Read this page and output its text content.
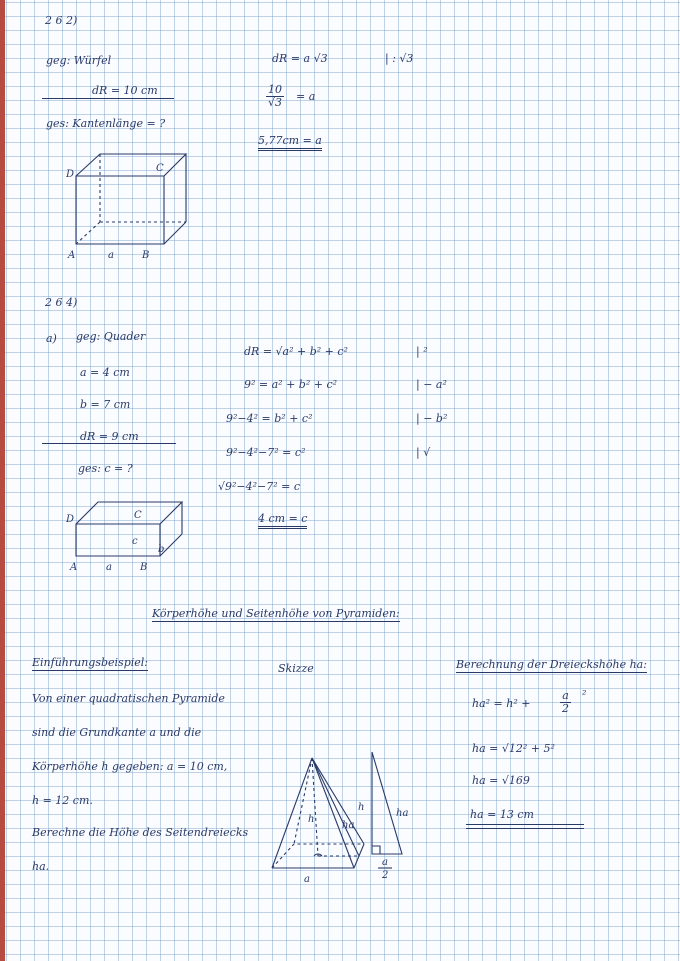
2 6 2)
geg: Würfel
dR = 10 cm
ges: Kantenlänge = ?
D
C
A	a	B
dR = a √3	| : √3
$\frac{10}{√3} = a$
5,77cm = a
2 6 4)
a) geg: Quader
a = 4 cm
b = 7 cm
dR = 9 cm
ges: c = ?
D	C
c
b
A	a	B
dR = √a² + b² + c²	| ²
9² = a² + b² + c²	| − a²
9²−4² = b² + c²	| − b²
9²−4²−7² = c²	| √
√9²−4²−7² = c
4 cm = c
Körperhöhe und Seitenhöhe von Pyramiden:
Einführungsbeispiel:
Von einer quadratischen Pyramide
sind die Grundkante a und die
Körperhöhe h gegeben: a = 10 cm,
h = 12 cm.
Berechne die Höhe des Seitendreiecks
ha.
Skizze
h
ha
a
h
ha
a
2
Berechnung der Dreieckshöhe ha:
ha² = h² +	$\frac{a}{2} ^2$
ha = √12² + 5²
ha = √169
ha = 13 cm
